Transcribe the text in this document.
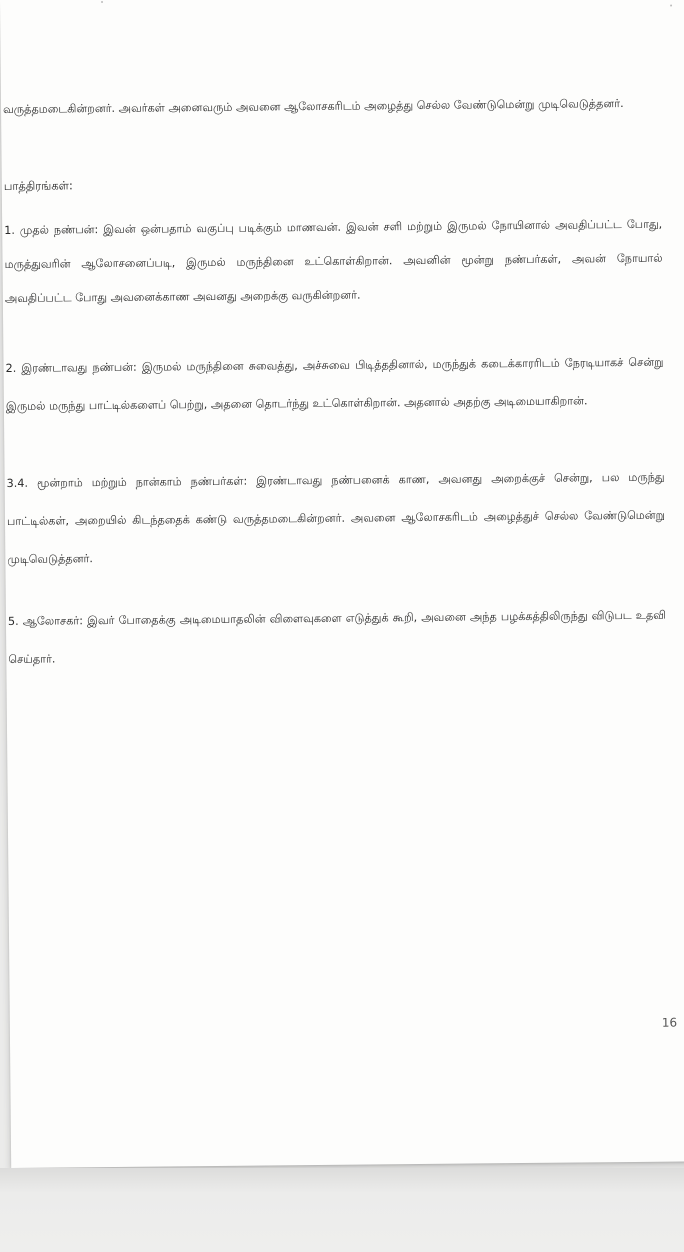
வருத்தமடைகின்றனர். அவர்கள் அனைவரும் அவனை ஆலோசகரிடம் அழைத்து செல்ல வேண்டுமென்று முடிவெடுத்தனர்.

பாத்திரங்கள்:

1. முதல் நண்பன்: இவன் ஒன்பதாம் வகுப்பு படிக்கும் மாணவன். இவன் சளி மற்றும் இருமல் நோயினால் அவதிப்பட்ட போது, மருத்துவரின் ஆலோசனைப்படி, இருமல் மருந்தினை உட்கொள்கிறான். அவனின் மூன்று நண்பர்கள், அவன் நோயால் அவதிப்பட்ட போது அவனைக்காண அவனது அறைக்கு வருகின்றனர்.

2. இரண்டாவது நண்பன்: இருமல் மருந்தினை சுவைத்து, அச்சுவை பிடித்ததினால், மருந்துக் கடைக்காரரிடம் நேரடியாகச் சென்று இருமல் மருந்து பாட்டில்களைப் பெற்று, அதனை தொடர்ந்து உட்கொள்கிறான். அதனால் அதற்கு அடிமையாகிறான்.

3.4. மூன்றாம் மற்றும் நான்காம் நண்பர்கள்: இரண்டாவது நண்பனைக் காண, அவனது அறைக்குச் சென்று, பல மருந்து பாட்டில்கள், அறையில் கிடந்ததைக் கண்டு வருத்தமடைகின்றனர். அவனை ஆலோசகரிடம் அழைத்துச் செல்ல வேண்டுமென்று முடிவெடுத்தனர்.

5. ஆலோசகர்: இவர் போதைக்கு அடிமையாதலின் விளைவுகளை எடுத்துக் கூறி, அவனை அந்த பழக்கத்திலிருந்து விடுபட உதவி செய்தார்.

16
